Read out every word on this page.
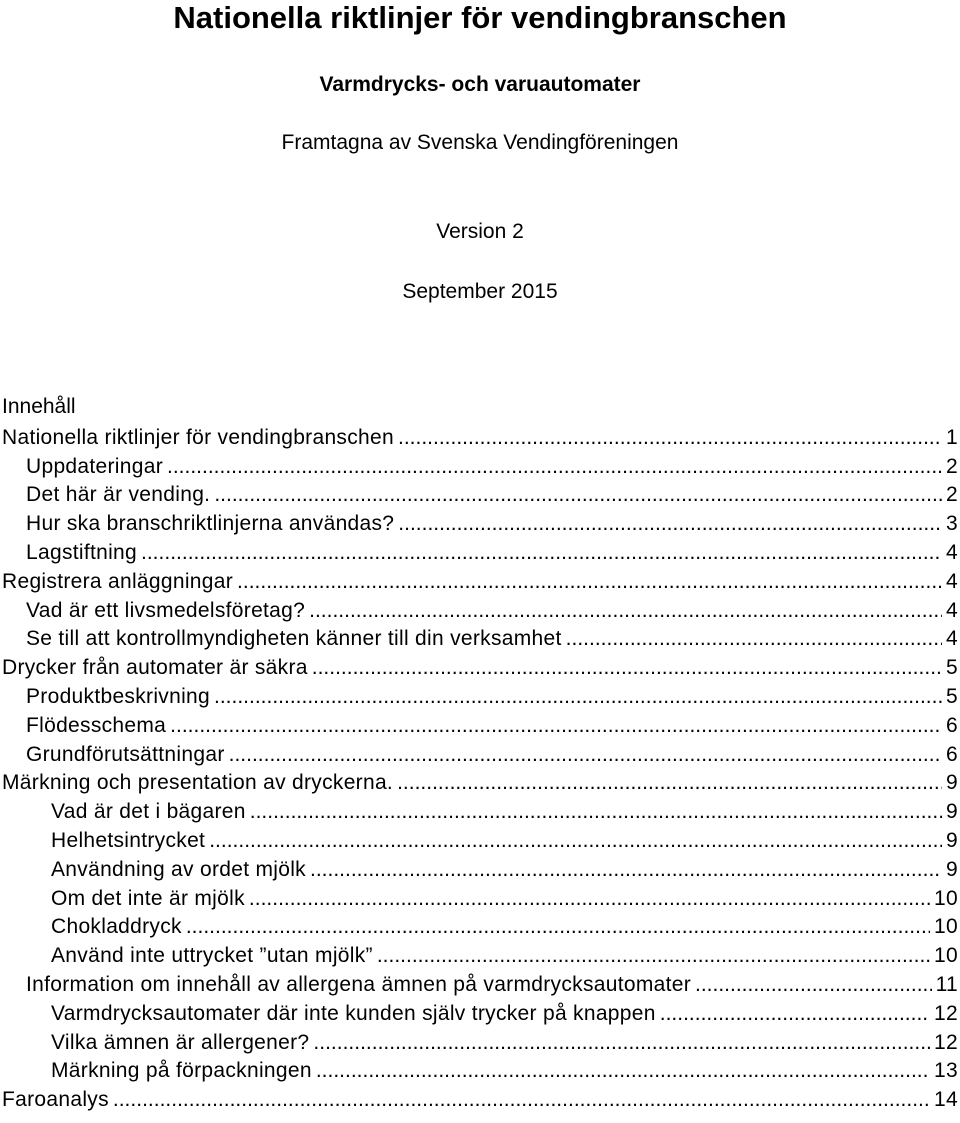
Nationella riktlinjer för vendingbranschen
Varmdrycks- och varuautomater
Framtagna av Svenska Vendingföreningen
Version 2
September 2015
Innehåll
Nationella riktlinjer för vendingbranschen .....	1
Uppdateringar .....	2
Det här är vending. .....	2
Hur ska branschriktlinjerna användas? .....	3
Lagstiftning .....	4
Registrera anläggningar .....	4
Vad är ett livsmedelsföretag? .....	4
Se till att kontrollmyndigheten känner till din verksamhet .....	4
Drycker från automater är säkra .....	5
Produktbeskrivning .....	5
Flödesschema .....	6
Grundförutsättningar .....	6
Märkning och presentation av dryckerna. .....	9
Vad är det i bägaren .....	9
Helhetsintrycket .....	9
Användning av ordet mjölk .....	9
Om det inte är mjölk .....	10
Chokladdryck .....	10
Använd inte uttrycket ”utan mjölk” .....	10
Information om innehåll av allergena ämnen på varmdrycksautomater .....	11
Varmdrycksautomater där inte kunden själv trycker på knappen .....	12
Vilka ämnen är allergener? .....	12
Märkning på förpackningen .....	13
Faroanalys .....	14
